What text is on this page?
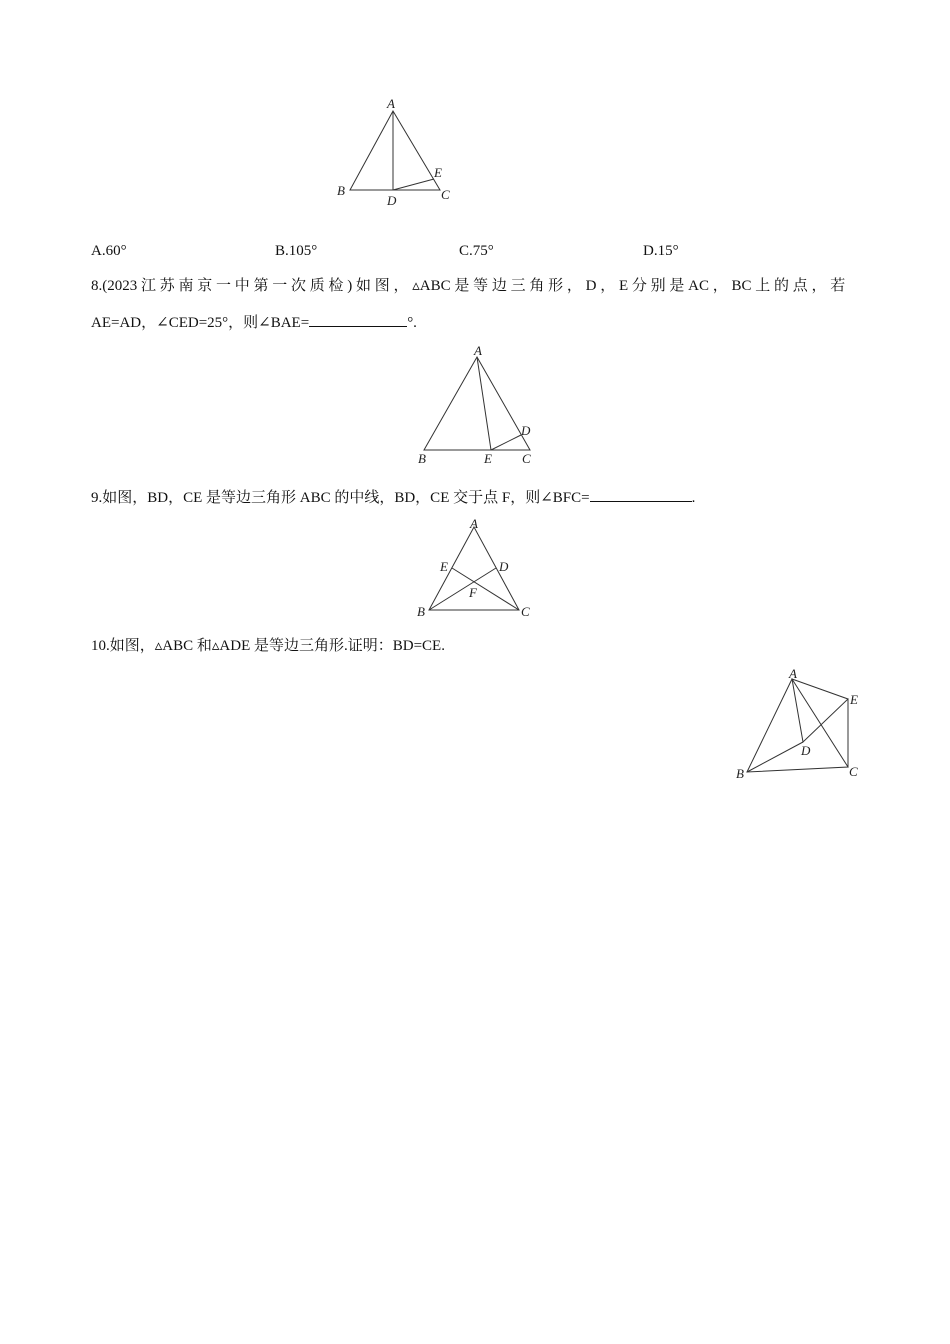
A
B	C
D
E
A.60°	B.105°	C.75°	D.15°
8.(2023 江 苏 南 京 一 中 第 一 次 质 检 ) 如 图 ， ▵ABC 是 等 边 三 角 形 ， D ， E 分 别 是 AC ， BC 上 的 点 ， 若
AE=AD，∠CED=25°，则∠BAE=	°.
A
B	E C
D
9.如图，BD，CE 是等边三角形 ABC 的中线，BD，CE 交于点 F，则∠BFC=	.
A
E	D
F
B	C
10.如图，▵ABC 和▵ADE 是等边三角形.证明：BD=CE.
A
E
D
B	C
